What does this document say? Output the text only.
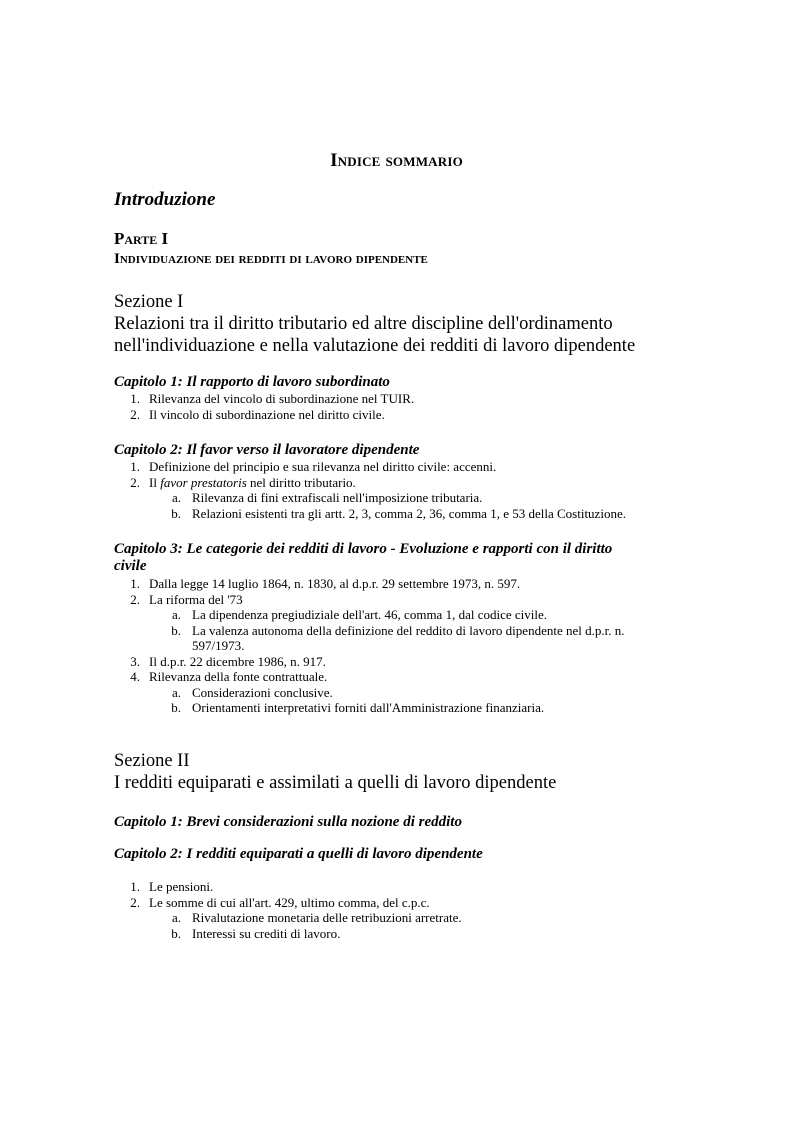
Indice sommario
Introduzione
Parte I
Individuazione dei redditi di lavoro dipendente
Sezione I
Relazioni tra il diritto tributario ed altre discipline dell'ordinamento
nell'individuazione e nella valutazione dei redditi di lavoro dipendente
Capitolo 1: Il rapporto di lavoro subordinato
1. Rilevanza del vincolo di subordinazione nel TUIR.
2. Il vincolo di subordinazione nel diritto civile.
Capitolo 2: Il favor verso il lavoratore dipendente
1. Definizione del principio e sua rilevanza nel diritto civile: accenni.
2. Il favor prestatoris nel diritto tributario.
a. Rilevanza di fini extrafiscali nell'imposizione tributaria.
b. Relazioni esistenti tra gli artt. 2, 3, comma 2, 36, comma 1, e 53 della Costituzione.
Capitolo 3: Le categorie dei redditi di lavoro - Evoluzione e rapporti con il diritto
civile
1. Dalla legge 14 luglio 1864, n. 1830, al d.p.r. 29 settembre 1973, n. 597.
2. La riforma del '73
a. La dipendenza pregiudiziale dell'art. 46, comma 1, dal codice civile.
b. La valenza autonoma della definizione del reddito di lavoro dipendente nel d.p.r. n.
597/1973.
3. Il d.p.r. 22 dicembre 1986, n. 917.
4. Rilevanza della fonte contrattuale.
a. Considerazioni conclusive.
b. Orientamenti interpretativi forniti dall'Amministrazione finanziaria.
Sezione II
I redditi equiparati e assimilati a quelli di lavoro dipendente
Capitolo 1: Brevi considerazioni sulla nozione di reddito
Capitolo 2: I redditi equiparati a quelli di lavoro dipendente
1. Le pensioni.
2. Le somme di cui all'art. 429, ultimo comma, del c.p.c.
a. Rivalutazione monetaria delle retribuzioni arretrate.
b. Interessi su crediti di lavoro.
